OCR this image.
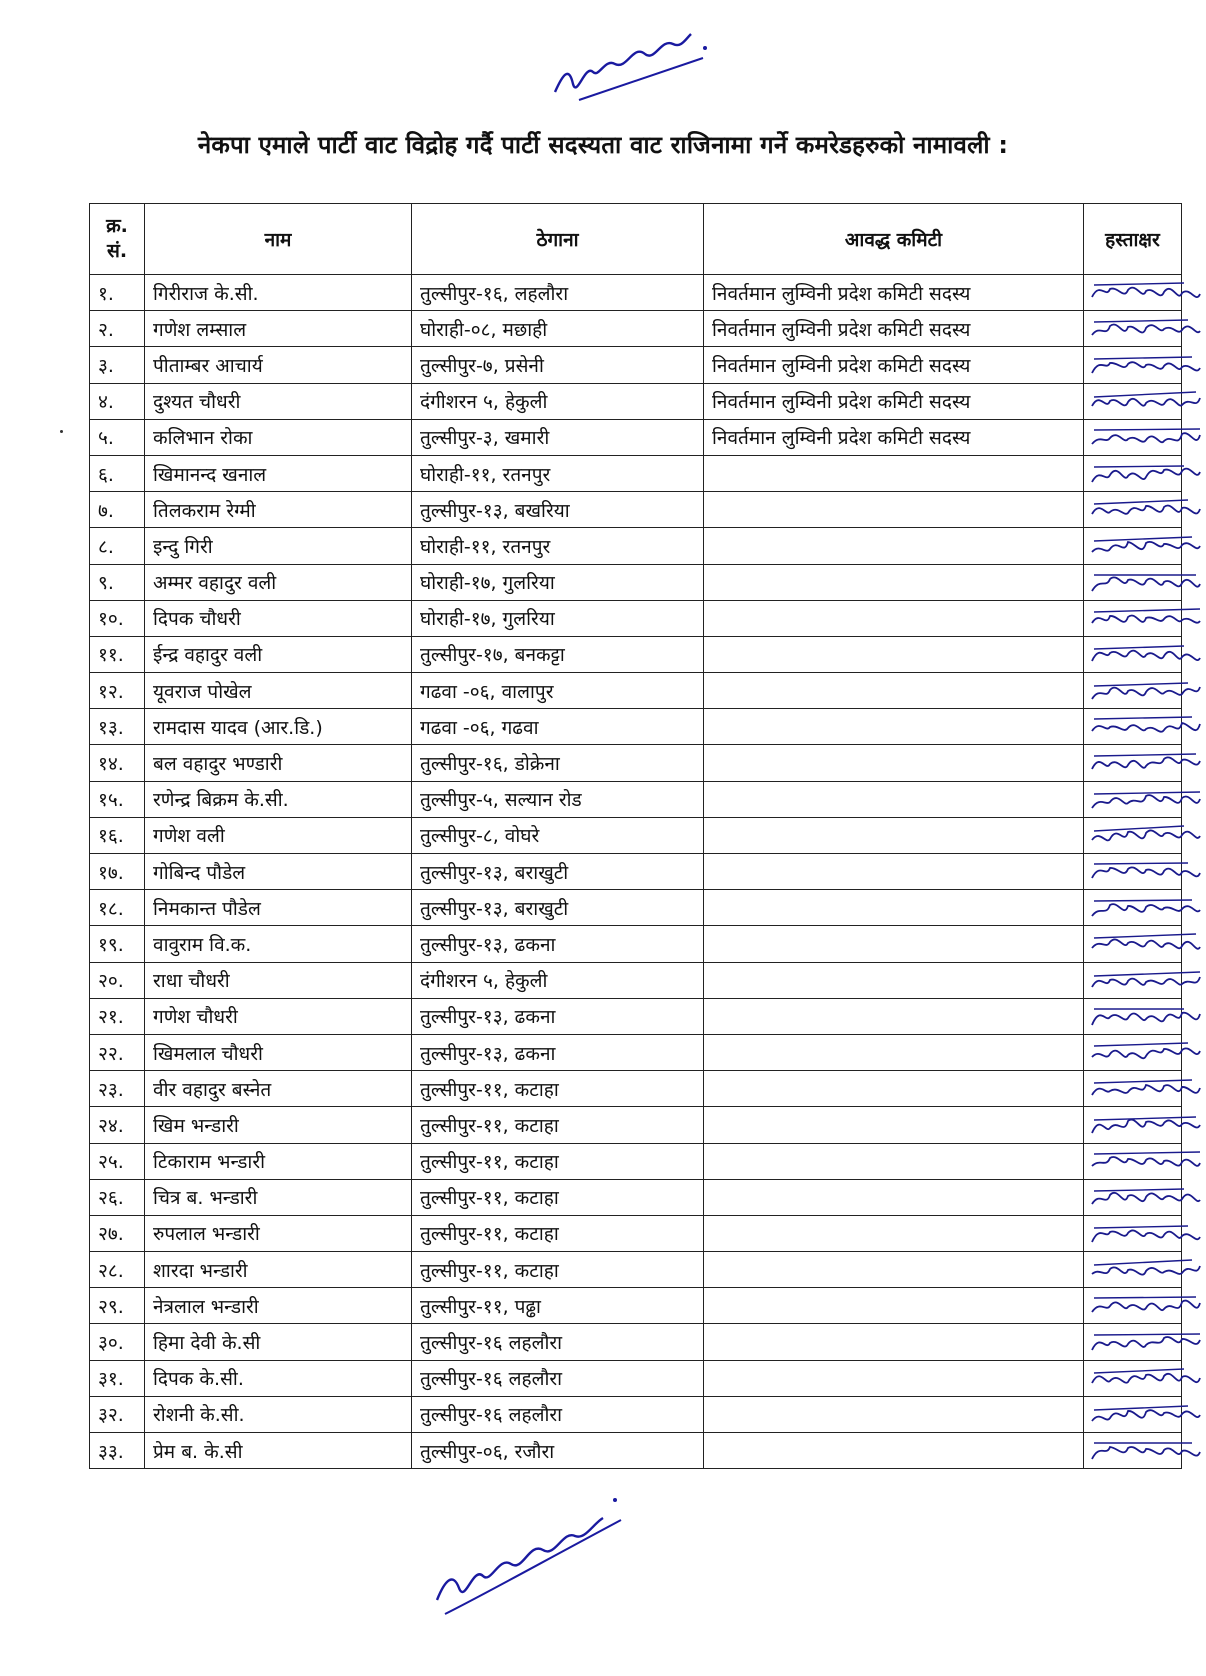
नेकपा एमाले पार्टी वाट विद्रोह गर्दै पार्टी सदस्यता वाट राजिनामा गर्ने कमरेडहरुको नामावली :
क्र.
सं.	नाम	ठेगाना	आवद्ध कमिटी	हस्ताक्षर
१.	गिरीराज के.सी.	तुल्सीपुर-१६, लहलौरा	निवर्तमान लुम्विनी प्रदेश कमिटी सदस्य	

२.	गणेश लम्साल	घोराही-०८, मछाही	निवर्तमान लुम्विनी प्रदेश कमिटी सदस्य	

३.	पीताम्बर आचार्य	तुल्सीपुर-७, प्रसेनी	निवर्तमान लुम्विनी प्रदेश कमिटी सदस्य	

४.	दुश्यत चौधरी	दंगीशरन ५, हेकुली	निवर्तमान लुम्विनी प्रदेश कमिटी सदस्य	

५.	कलिभान रोका	तुल्सीपुर-३, खमारी	निवर्तमान लुम्विनी प्रदेश कमिटी सदस्य	

६.	खिमानन्द खनाल	घोराही-११, रतनपुर		

७.	तिलकराम रेग्मी	तुल्सीपुर-१३, बखरिया		

८.	इन्दु गिरी	घोराही-११, रतनपुर		

९.	अम्मर वहादुर वली	घोराही-१७, गुलरिया		

१०.	दिपक चौधरी	घोराही-१७, गुलरिया		

११.	ईन्द्र वहादुर वली	तुल्सीपुर-१७, बनकट्टा		

१२.	यूवराज पोखेल	गढवा -०६, वालापुर		

१३.	रामदास यादव (आर.डि.)	गढवा -०६, गढवा		

१४.	बल वहादुर भण्डारी	तुल्सीपुर-१६, डोक्रेना		

१५.	रणेन्द्र बिक्रम के.सी.	तुल्सीपुर-५, सल्यान रोड		

१६.	गणेश वली	तुल्सीपुर-८, वोघरे		

१७.	गोबिन्द पौडेल	तुल्सीपुर-१३, बराखुटी		

१८.	निमकान्त पौडेल	तुल्सीपुर-१३, बराखुटी		

१९.	वावुराम वि.क.	तुल्सीपुर-१३, ढकना		

२०.	राधा चौधरी	दंगीशरन ५, हेकुली		

२१.	गणेश चौधरी	तुल्सीपुर-१३, ढकना		

२२.	खिमलाल चौधरी	तुल्सीपुर-१३, ढकना		

२३.	वीर वहादुर बस्नेत	तुल्सीपुर-११, कटाहा		

२४.	खिम भन्डारी	तुल्सीपुर-११, कटाहा		

२५.	टिकाराम भन्डारी	तुल्सीपुर-११, कटाहा		

२६.	चित्र ब. भन्डारी	तुल्सीपुर-११, कटाहा		

२७.	रुपलाल भन्डारी	तुल्सीपुर-११, कटाहा		

२८.	शारदा भन्डारी	तुल्सीपुर-११, कटाहा		

२९.	नेत्रलाल भन्डारी	तुल्सीपुर-११, पढ्ढा		

३०.	हिमा देवी के.सी	तुल्सीपुर-१६ लहलौरा		

३१.	दिपक के.सी.	तुल्सीपुर-१६ लहलौरा		

३२.	रोशनी के.सी.	तुल्सीपुर-१६ लहलौरा		

३३.	प्रेम ब. के.सी	तुल्सीपुर-०६, रजौरा		
